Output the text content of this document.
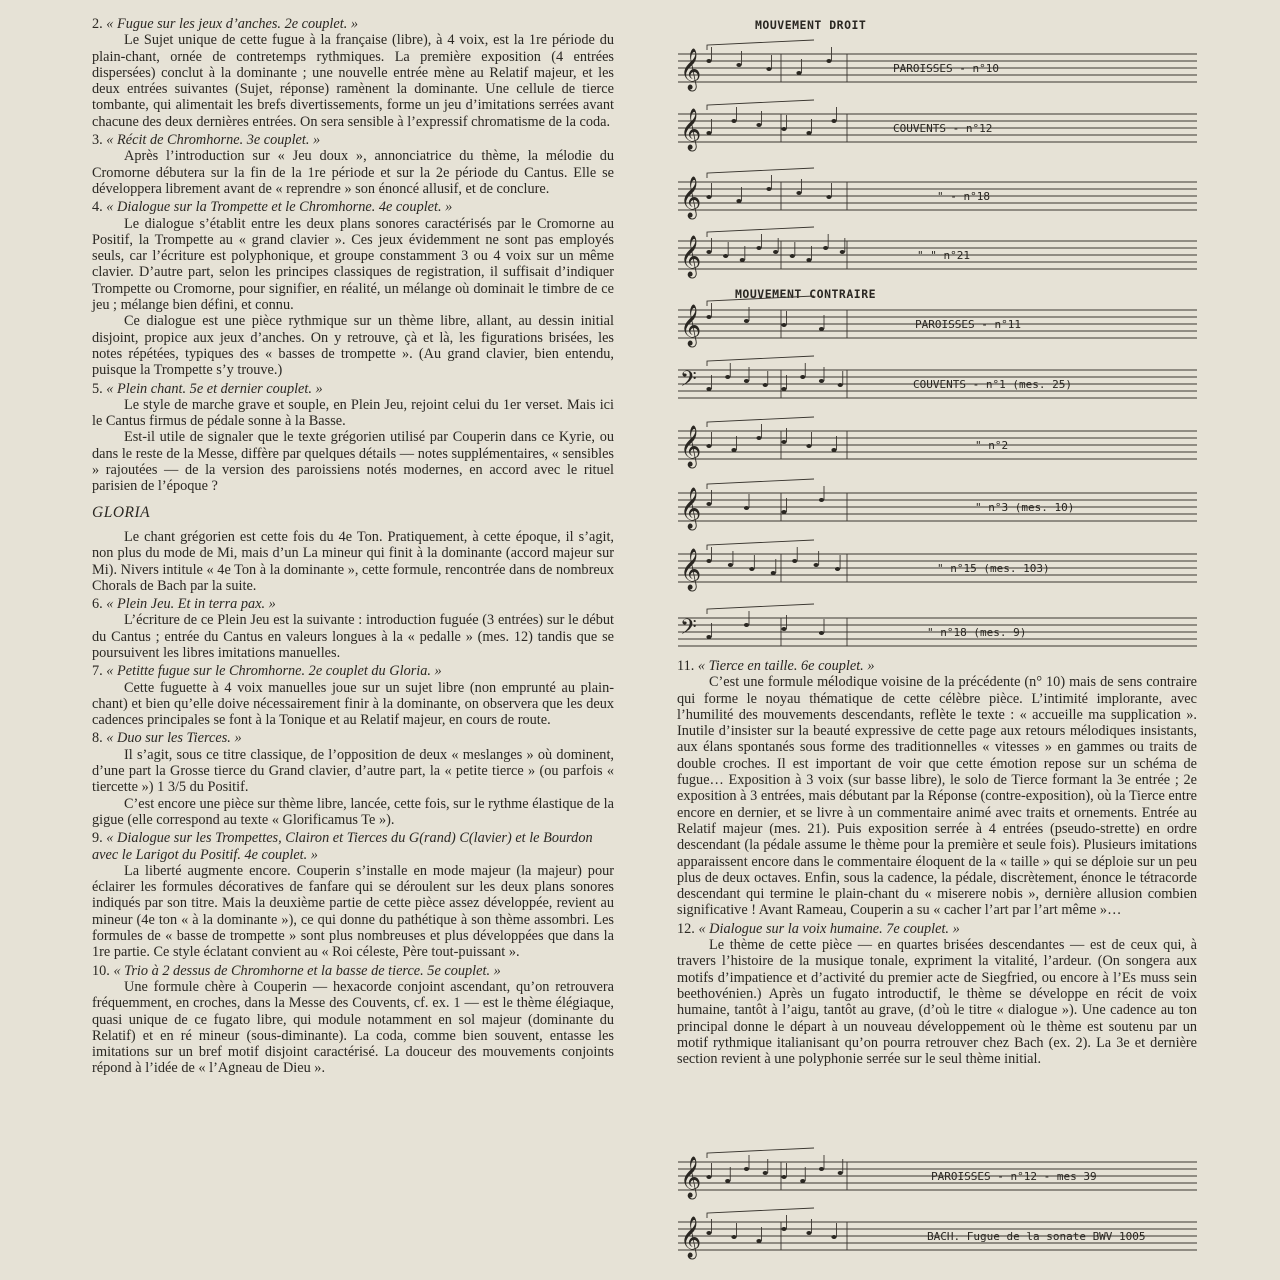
2. « Fugue sur les jeux d’anches. 2e couplet. »

Le Sujet unique de cette fugue à la française (libre), à 4 voix, est la 1re période du plain-chant, ornée de contretemps rythmiques. La première exposition (4 entrées dispersées) conclut à la dominante ; une nouvelle entrée mène au Relatif majeur, et les deux entrées suivantes (Sujet, réponse) ramènent la dominante. Une cellule de tierce tombante, qui alimentait les brefs divertissements, forme un jeu d’imitations serrées avant chacune des deux dernières entrées. On sera sensible à l’expressif chromatisme de la coda.

3. « Récit de Chromhorne. 3e couplet. »

Après l’introduction sur « Jeu doux », annonciatrice du thème, la mélodie du Cromorne débutera sur la fin de la 1re période et sur la 2e période du Cantus. Elle se développera librement avant de « reprendre » son énoncé allusif, et de conclure.

4. « Dialogue sur la Trompette et le Chromhorne. 4e couplet. »

Le dialogue s’établit entre les deux plans sonores caractérisés par le Cromorne au Positif, la Trompette au « grand clavier ». Ces jeux évidemment ne sont pas employés seuls, car l’écriture est polyphonique, et groupe constamment 3 ou 4 voix sur un même clavier. D’autre part, selon les principes classiques de registration, il suffisait d’indiquer Trompette ou Cromorne, pour signifier, en réalité, un mélange où dominait le timbre de ce jeu ; mélange bien défini, et connu.

Ce dialogue est une pièce rythmique sur un thème libre, allant, au dessin initial disjoint, propice aux jeux d’anches. On y retrouve, çà et là, les figurations brisées, les notes répétées, typiques des « basses de trompette ». (Au grand clavier, bien entendu, puisque la Trompette s’y trouve.)

5. « Plein chant. 5e et dernier couplet. »

Le style de marche grave et souple, en Plein Jeu, rejoint celui du 1er verset. Mais ici le Cantus firmus de pédale sonne à la Basse.

Est-il utile de signaler que le texte grégorien utilisé par Couperin dans ce Kyrie, ou dans le reste de la Messe, diffère par quelques détails — notes supplémentaires, « sensibles » rajoutées — de la version des paroissiens notés modernes, en accord avec le rituel parisien de l’époque ?

GLORIA

Le chant grégorien est cette fois du 4e Ton. Pratiquement, à cette époque, il s’agit, non plus du mode de Mi, mais d’un La mineur qui finit à la dominante (accord majeur sur Mi). Nivers intitule « 4e Ton à la dominante », cette formule, rencontrée dans de nombreux Chorals de Bach par la suite.

6. « Plein Jeu. Et in terra pax. »

L’écriture de ce Plein Jeu est la suivante : introduction fuguée (3 entrées) sur le début du Cantus ; entrée du Cantus en valeurs longues à la « pedalle » (mes. 12) tandis que se poursuivent les libres imitations manuelles.

7. « Petitte fugue sur le Chromhorne. 2e couplet du Gloria. »

Cette fuguette à 4 voix manuelles joue sur un sujet libre (non emprunté au plain-chant) et bien qu’elle doive nécessairement finir à la dominante, on observera que les deux cadences principales se font à la Tonique et au Relatif majeur, en cours de route.

8. « Duo sur les Tierces. »

Il s’agit, sous ce titre classique, de l’opposition de deux « meslanges » où dominent, d’une part la Grosse tierce du Grand clavier, d’autre part, la « petite tierce » (ou parfois « tiercette ») 1 3/5 du Positif.

C’est encore une pièce sur thème libre, lancée, cette fois, sur le rythme élastique de la gigue (elle correspond au texte « Glorificamus Te »).

9. « Dialogue sur les Trompettes, Clairon et Tierces du G(rand) C(lavier) et le Bourdon avec le Larigot du Positif. 4e couplet. »

La liberté augmente encore. Couperin s’installe en mode majeur (la majeur) pour éclairer les formules décoratives de fanfare qui se déroulent sur les deux plans sonores indiqués par son titre. Mais la deuxième partie de cette pièce assez développée, revient au mineur (4e ton « à la dominante »), ce qui donne du pathétique à son thème assombri. Les formules de « basse de trompette » sont plus nombreuses et plus développées que dans la 1re partie. Ce style éclatant convient au « Roi céleste, Père tout-puissant ».

10. « Trio à 2 dessus de Chromhorne et la basse de tierce. 5e couplet. »

Une formule chère à Couperin — hexacorde conjoint ascendant, qu’on retrouvera fréquemment, en croches, dans la Messe des Couvents, cf. ex. 1 — est le thème élégiaque, quasi unique de ce fugato libre, qui module notamment en sol majeur (dominante du Relatif) et en ré mineur (sous-diminante). La coda, comme bien souvent, entasse les imitations sur un bref motif disjoint caractérisé. La douceur des mouvements conjoints répond à l’idée de « l’Agneau de Dieu ».

MOUVEMENT DROIT
MOUVEMENT CONTRAIRE
𝄞	PAROISSES - n°10
𝄞	COUVENTS - n°12
𝄞	" - n°18
𝄞	" " n°21
𝄞	PAROISSES - n°11
𝄢	COUVENTS - n°1 (mes. 25)
𝄞	" n°2
𝄞	" n°3 (mes. 10)
𝄞	" n°15 (mes. 103)
𝄢	" n°18 (mes. 9)
𝄞	PAROISSES - n°12 - mes 39
𝄞	BACH. Fugue de la sonate BWV 1005

11. « Tierce en taille. 6e couplet. »

C’est une formule mélodique voisine de la précédente (n° 10) mais de sens contraire qui forme le noyau thématique de cette célèbre pièce. L’intimité implorante, avec l’humilité des mouvements descendants, reflète le texte : « accueille ma supplication ». Inutile d’insister sur la beauté expressive de cette page aux retours mélodiques insistants, aux élans spontanés sous forme des traditionnelles « vitesses » en gammes ou traits de double croches. Il est important de voir que cette émotion repose sur un schéma de fugue… Exposition à 3 voix (sur basse libre), le solo de Tierce formant la 3e entrée ; 2e exposition à 3 entrées, mais débutant par la Réponse (contre-exposition), où la Tierce entre encore en dernier, et se livre à un commentaire animé avec traits et ornements. Entrée au Relatif majeur (mes. 21). Puis exposition serrée à 4 entrées (pseudo-strette) en ordre descendant (la pédale assume le thème pour la première et seule fois). Plusieurs imitations apparaissent encore dans le commentaire éloquent de la « taille » qui se déploie sur un peu plus de deux octaves. Enfin, sous la cadence, la pédale, discrètement, énonce le tétracorde descendant qui termine le plain-chant du « miserere nobis », dernière allusion combien significative ! Avant Rameau, Couperin a su « cacher l’art par l’art même »…

12. « Dialogue sur la voix humaine. 7e couplet. »

Le thème de cette pièce — en quartes brisées descendantes — est de ceux qui, à travers l’histoire de la musique tonale, expriment la vitalité, l’ardeur. (On songera aux motifs d’impatience et d’activité du premier acte de Siegfried, ou encore à l’Es muss sein beethovénien.) Après un fugato introductif, le thème se développe en récit de voix humaine, tantôt à l’aigu, tantôt au grave, (d’où le titre « dialogue »). Une cadence au ton principal donne le départ à un nouveau développement où le thème est soutenu par un motif rythmique italianisant qu’on pourra retrouver chez Bach (ex. 2). La 3e et dernière section revient à une polyphonie serrée sur le seul thème initial.
